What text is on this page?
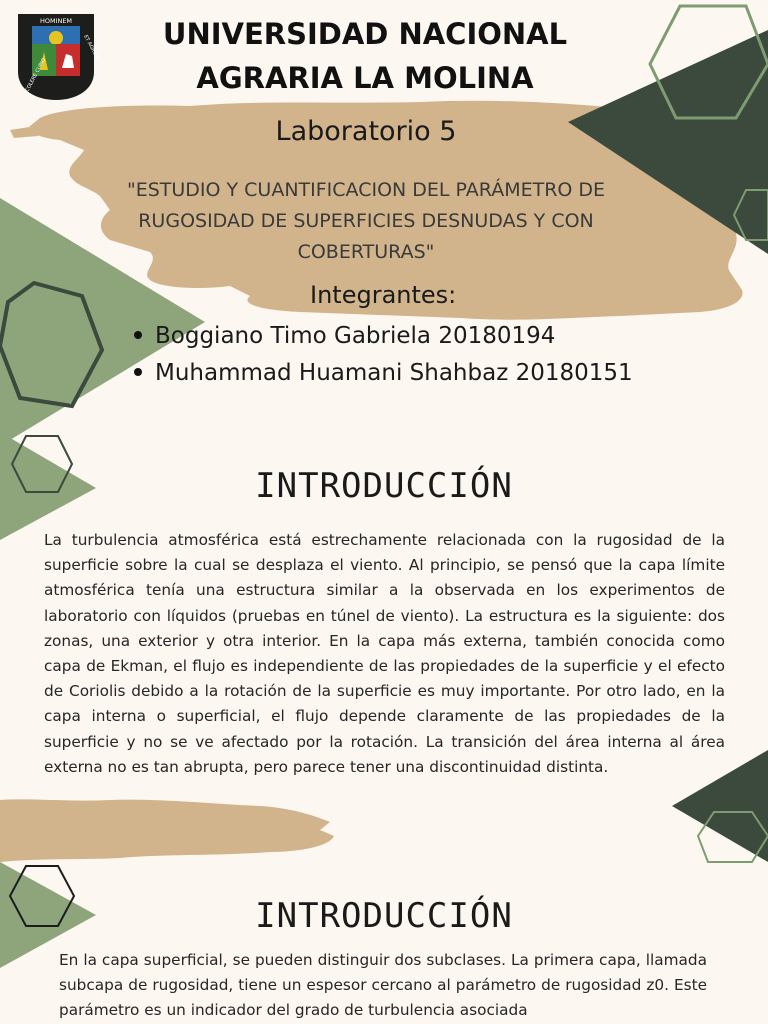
HOMINEM
COLERE CUPIO
ET AGRUM	UNIVERSIDAD NACIONAL
AGRARIA LA MOLINA
Laboratorio 5
"ESTUDIO Y CUANTIFICACION DEL PARÁMETRO DE
RUGOSIDAD DE SUPERFICIES DESNUDAS Y CON
COBERTURAS"
Integrantes:
Boggiano Timo Gabriela 20180194
Muhammad Huamani Shahbaz 20180151
INTRODUCCIÓN

La turbulencia atmosférica está estrechamente relacionada con la rugosidad de la superficie sobre la cual se desplaza el viento. Al principio, se pensó que la capa límite atmosférica tenía una estructura similar a la observada en los experimentos de laboratorio con líquidos (pruebas en túnel de viento). La estructura es la siguiente: dos zonas, una exterior y otra interior. En la capa más externa, también conocida como capa de Ekman, el flujo es independiente de las propiedades de la superficie y el efecto de Coriolis debido a la rotación de la superficie es muy importante. Por otro lado, en la capa interna o superficial, el flujo depende claramente de las propiedades de la superficie y no se ve afectado por la rotación. La transición del área interna al área externa no es tan abrupta, pero parece tener una discontinuidad distinta.

INTRODUCCIÓN

En la capa superficial, se pueden distinguir dos subclases. La primera capa, llamada subcapa de rugosidad, tiene un espesor cercano al parámetro de rugosidad z0. Este parámetro es un indicador del grado de turbulencia asociada
